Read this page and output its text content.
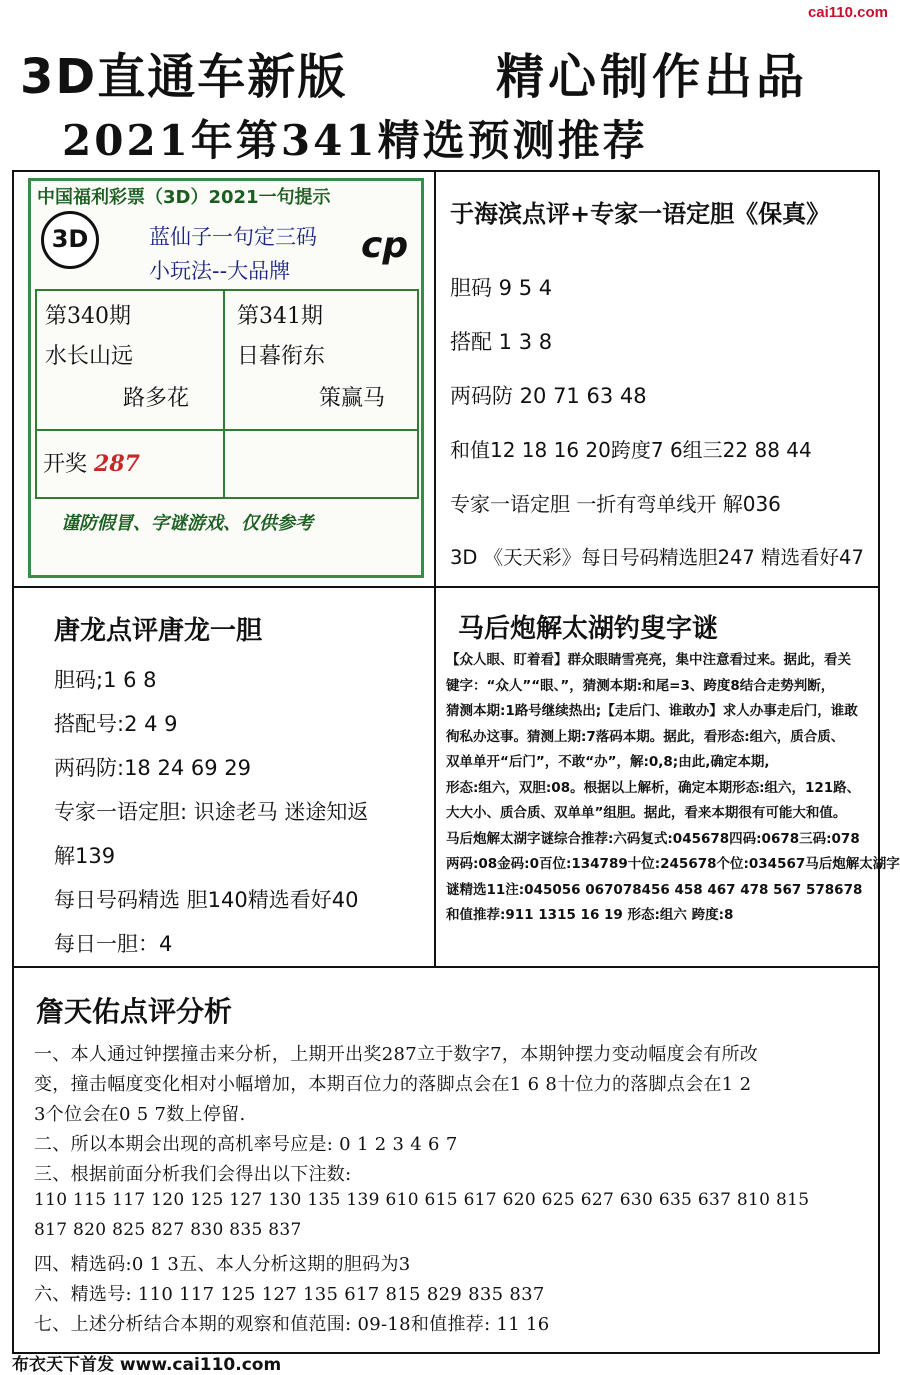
cai110.com
3D直通车新版	精心制作出品
2021年第341精选预测推荐
中国福利彩票（3D）2021一句提示
3D	蓝仙子一句定三码
小玩法--大品牌
cp
第340期
水长山远
路多花
第341期
日暮衔东
策赢马
开奖 287
谨防假冒、字谜游戏、仅供参考
于海滨点评+专家一语定胆《保真》
胆码 9 5 4
搭配 1 3 8
两码防 20 71 63 48
和值12 18 16 20跨度7 6组三22 88 44
专家一语定胆 一折有弯单线开 解036
3D 《天天彩》每日号码精选胆247 精选看好47
唐龙点评唐龙一胆
胆码;1 6 8
搭配号:2 4 9
两码防:18 24 69 29
专家一语定胆: 识途老马 迷途知返
解139
每日号码精选 胆140精选看好40
每日一胆：4
马后炮解太湖钓叟字谜
【众人眼、盯着看】群众眼睛雪亮亮，集中注意看过来。据此，看关
键字：“众人”“眼、”，猜测本期:和尾=3、跨度8结合走势判断，
猜测本期:1路号继续热出;【走后门、谁敢办】求人办事走后门，谁敢
徇私办这事。猜测上期:7落码本期。据此，看形态:组六，质合质、
双单单开“后门”，不敢“办”，解:0,8;由此,确定本期,
形态:组六，双胆:08。根据以上解析，确定本期形态:组六，121路、
大大小、质合质、双单单”组胆。据此，看来本期很有可能大和值。
马后炮解太湖字谜综合推荐:六码复式:045678四码:0678三码:078
两码:08金码:0百位:134789十位:245678个位:034567马后炮解太湖字
谜精选11注:045056 067078456 458 467 478 567 578678
和值推荐:911 1315 16 19 形态:组六 跨度:8
詹天佑点评分析
一、本人通过钟摆撞击来分析，上期开出奖287立于数字7，本期钟摆力变动幅度会有所改
变，撞击幅度变化相对小幅增加，本期百位力的落脚点会在1 6 8十位力的落脚点会在1 2
3个位会在0 5 7数上停留.
二、所以本期会出现的高机率号应是: 0 1 2 3 4 6 7
三、根据前面分析我们会得出以下注数:
110 115 117 120 125 127 130 135 139 610 615 617 620 625 627 630 635 637 810 815
817 820 825 827 830 835 837
四、精选码:0 1 3五、本人分析这期的胆码为3
六、精选号: 110 117 125 127 135 617 815 829 835 837
七、上述分析结合本期的观察和值范围: 09-18和值推荐: 11 16
布衣天下首发 www.cai110.com
